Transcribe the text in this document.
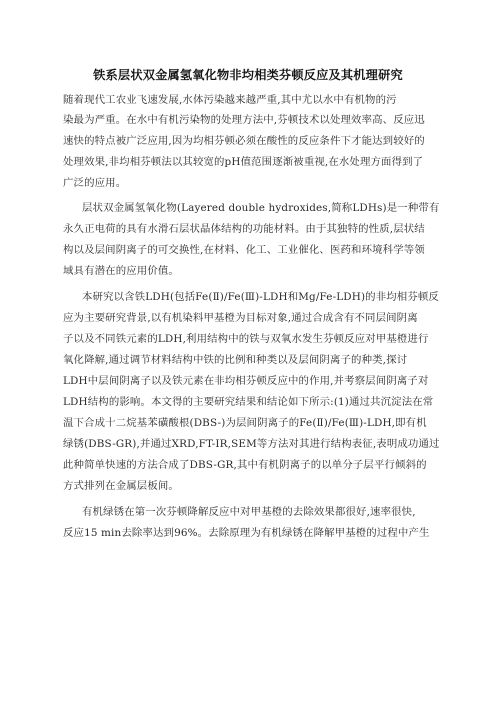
铁系层状双金属氢氧化物非均相类芬顿反应及其机理研究
随着现代工农业飞速发展,水体污染越来越严重,其中尤以水中有机物的污
染最为严重。在水中有机污染物的处理方法中,芬顿技术以处理效率高、反应迅
速快的特点被广泛应用,因为均相芬顿必须在酸性的反应条件下才能达到较好的
处理效果,非均相芬顿法以其较宽的pH值范围逐渐被重视,在水处理方面得到了
广泛的应用。
层状双金属氢氧化物(Layered double hydroxides,简称LDHs)是一种带有
永久正电荷的具有水滑石层状晶体结构的功能材料。由于其独特的性质,层状结
构以及层间阴离子的可交换性,在材料、化工、工业催化、医药和环境科学等领
域具有潜在的应用价值。
本研究以含铁LDH(包括Fe(Ⅱ)/Fe(Ⅲ)-LDH和Mg/Fe-LDH)的非均相芬顿反
应为主要研究背景,以有机染料甲基橙为目标对象,通过合成含有不同层间阴离
子以及不同铁元素的LDH,利用结构中的铁与双氧水发生芬顿反应对甲基橙进行
氧化降解,通过调节材料结构中铁的比例和种类以及层间阴离子的种类,探讨
LDH中层间阴离子以及铁元素在非均相芬顿反应中的作用,并考察层间阴离子对
LDH结构的影响。本文得的主要研究结果和结论如下所示:(1)通过共沉淀法在常
温下合成十二烷基苯磺酸根(DBS-)为层间阴离子的Fe(Ⅱ)/Fe(Ⅲ)-LDH,即有机
绿锈(DBS-GR),并通过XRD,FT-IR,SEM等方法对其进行结构表征,表明成功通过
此种简单快速的方法合成了DBS-GR,其中有机阴离子的以单分子层平行倾斜的
方式排列在金属层板间。
有机绿锈在第一次芬顿降解反应中对甲基橙的去除效果都很好,速率很快,
反应15 min去除率达到96%。去除原理为有机绿锈在降解甲基橙的过程中产生
